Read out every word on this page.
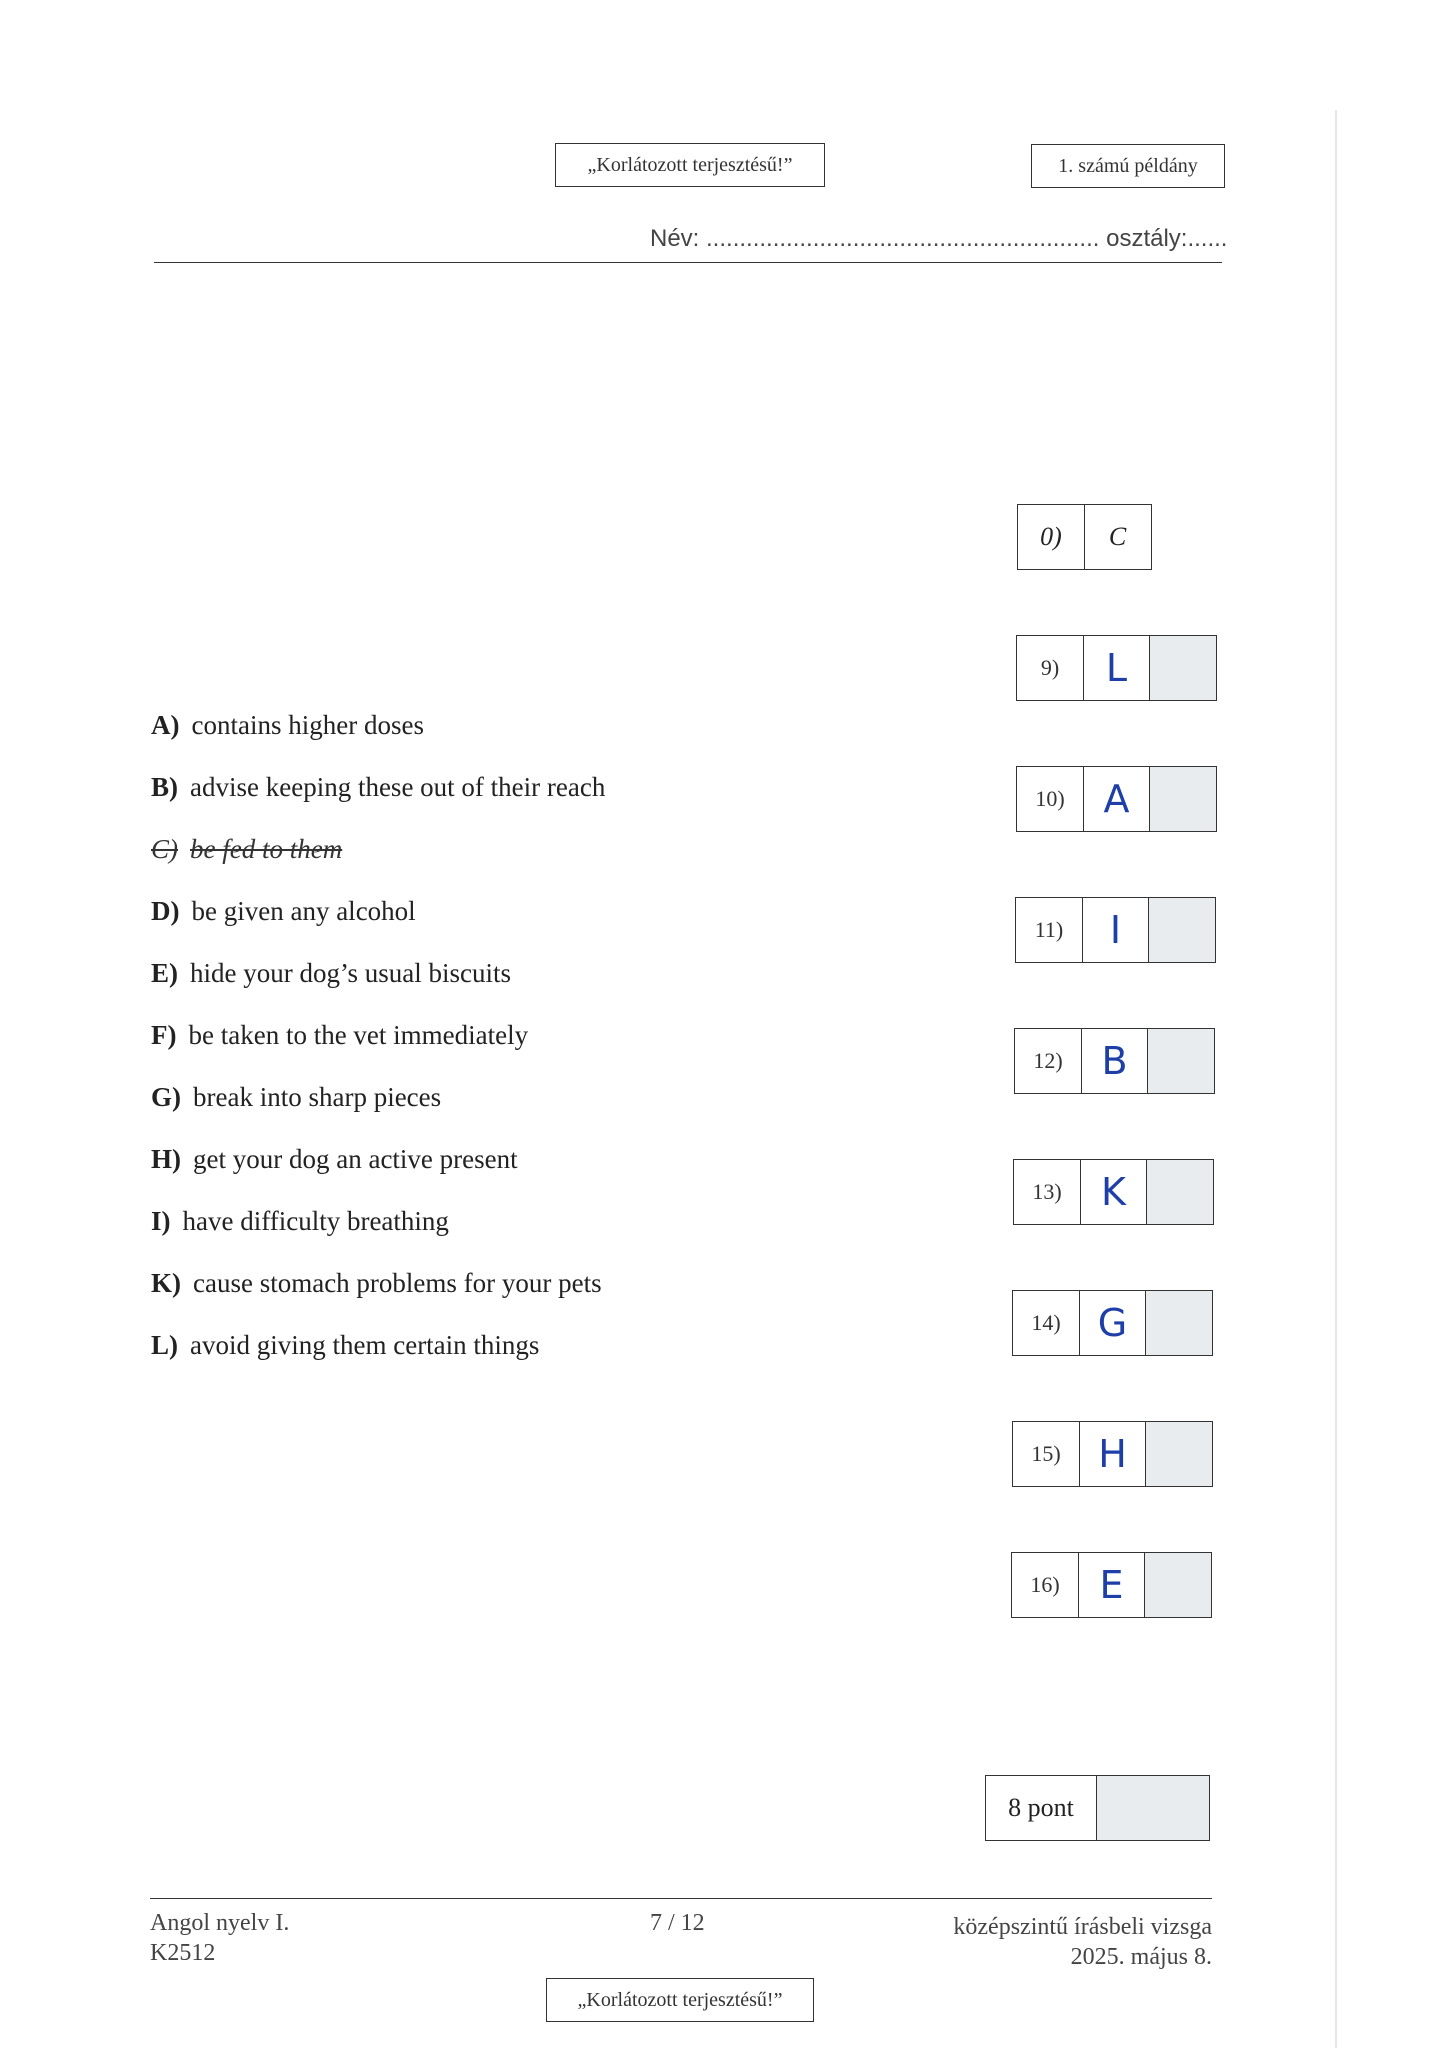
„Korlátozott terjesztésű!”	1. számú példány
Név: ........................................................... osztály:......
A) contains higher doses
B) advise keeping these out of their reach
C) be fed to them
D) be given any alcohol
E) hide your dog’s usual biscuits
F) be taken to the vet immediately
G) break into sharp pieces
H) get your dog an active present
I) have difficulty breathing
K) cause stomach problems for your pets
L) avoid giving them certain things
0)	C
9)	L
10)	A
11)	I
12)	B
13)	K
14) G
15) H
16)	E
8 pont
Angol nyelv I.
K2512
7 / 12	középszintű írásbeli vizsga
2025. május 8.
„Korlátozott terjesztésű!”
